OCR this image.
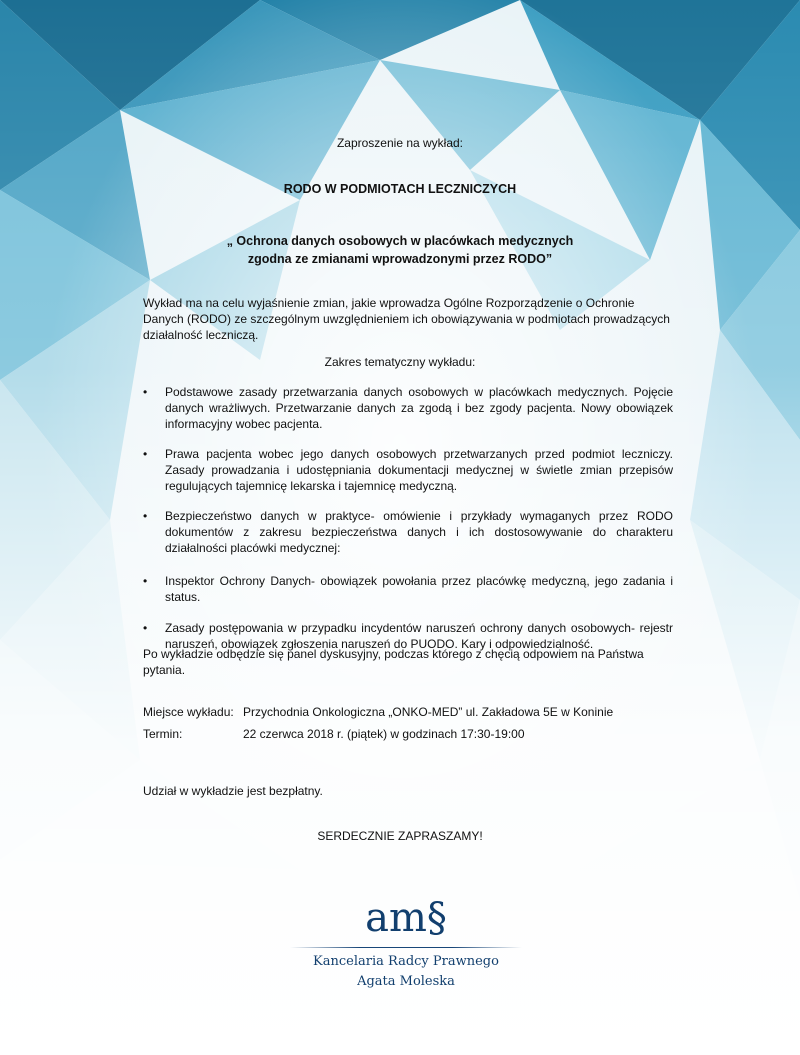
Zaproszenie na wykład:
RODO W PODMIOTACH LECZNICZYCH
„ Ochrona danych osobowych w placówkach medycznych
zgodna ze zmianami wprowadzonymi przez RODO”
Wykład ma na celu wyjaśnienie zmian, jakie wprowadza Ogólne Rozporządzenie o Ochronie Danych (RODO) ze szczególnym uwzględnieniem ich obowiązywania w podmiotach prowadzących działalność leczniczą.
Zakres tematyczny wykładu:
• Podstawowe zasady przetwarzania danych osobowych w placówkach medycznych. Pojęcie danych wrażliwych. Przetwarzanie danych za zgodą i bez zgody pacjenta. Nowy obowiązek informacyjny wobec pacjenta.
• Prawa pacjenta wobec jego danych osobowych przetwarzanych przed podmiot leczniczy. Zasady prowadzania i udostępniania dokumentacji medycznej w świetle zmian przepisów regulujących tajemnicę lekarska i tajemnicę medyczną.
• Bezpieczeństwo danych w praktyce- omówienie i przykłady wymaganych przez RODO dokumentów z zakresu bezpieczeństwa danych i ich dostosowywanie do charakteru działalności placówki medycznej:
• Inspektor Ochrony Danych- obowiązek powołania przez placówkę medyczną, jego zadania i status.
• Zasady postępowania w przypadku incydentów naruszeń ochrony danych osobowych- rejestr naruszeń, obowiązek zgłoszenia naruszeń do PUODO. Kary i odpowiedzialność.
Po wykładzie odbędzie się panel dyskusyjny, podczas którego z chęcią odpowiem na Państwa pytania.
Miejsce wykładu: Przychodnia Onkologiczna „ONKO-MED” ul. Zakładowa 5E w Koninie
Termin:	22 czerwca 2018 r. (piątek) w godzinach 17:30-19:00
Udział w wykładzie jest bezpłatny.
SERDECZNIE ZAPRASZAMY!
am§
Kancelaria Radcy Prawnego
Agata Moleska
